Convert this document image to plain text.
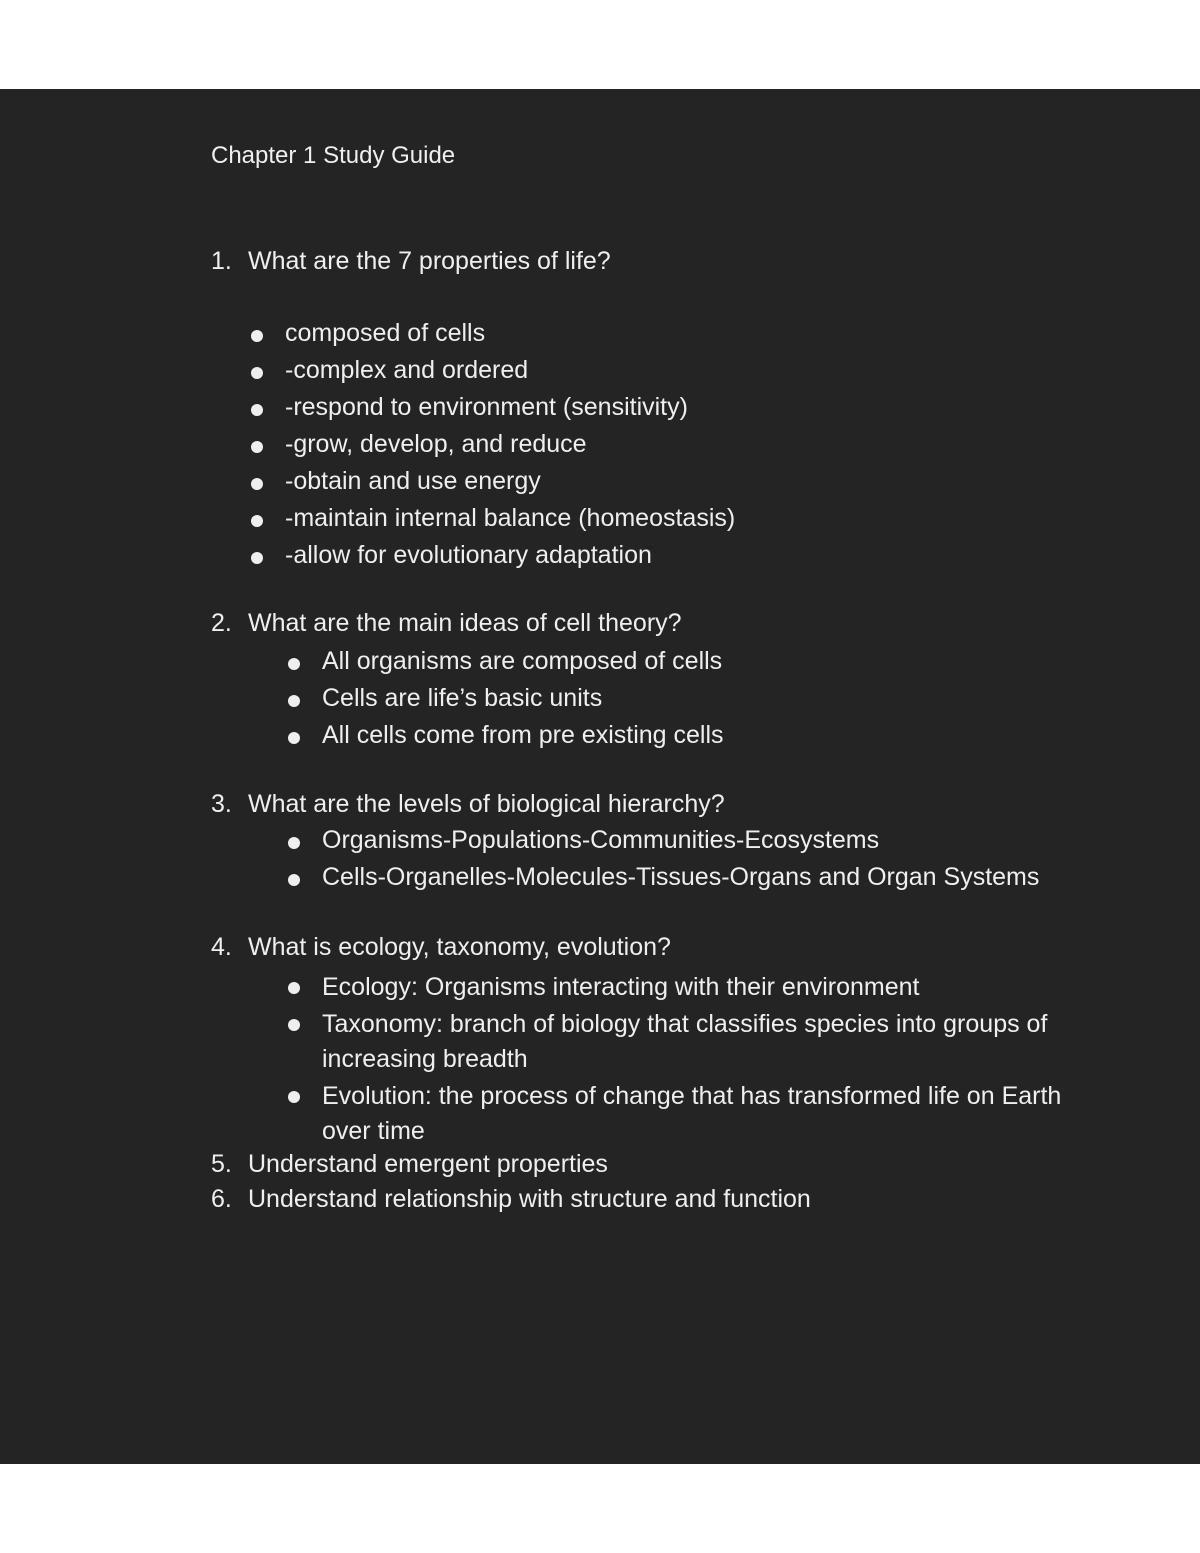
Chapter 1 Study Guide
1. What are the 7 properties of life?
composed of cells
-complex and ordered
-respond to environment (sensitivity)
-grow, develop, and reduce
-obtain and use energy
-maintain internal balance (homeostasis)
-allow for evolutionary adaptation
2. What are the main ideas of cell theory?
All organisms are composed of cells
Cells are life’s basic units
All cells come from pre existing cells
3. What are the levels of biological hierarchy?
Organisms-Populations-Communities-Ecosystems
Cells-Organelles-Molecules-Tissues-Organs and Organ Systems
4. What is ecology, taxonomy, evolution?
Ecology: Organisms interacting with their environment
Taxonomy: branch of biology that classifies species into groups of increasing breadth
Evolution: the process of change that has transformed life on Earth over time
5. Understand emergent properties
6. Understand relationship with structure and function
